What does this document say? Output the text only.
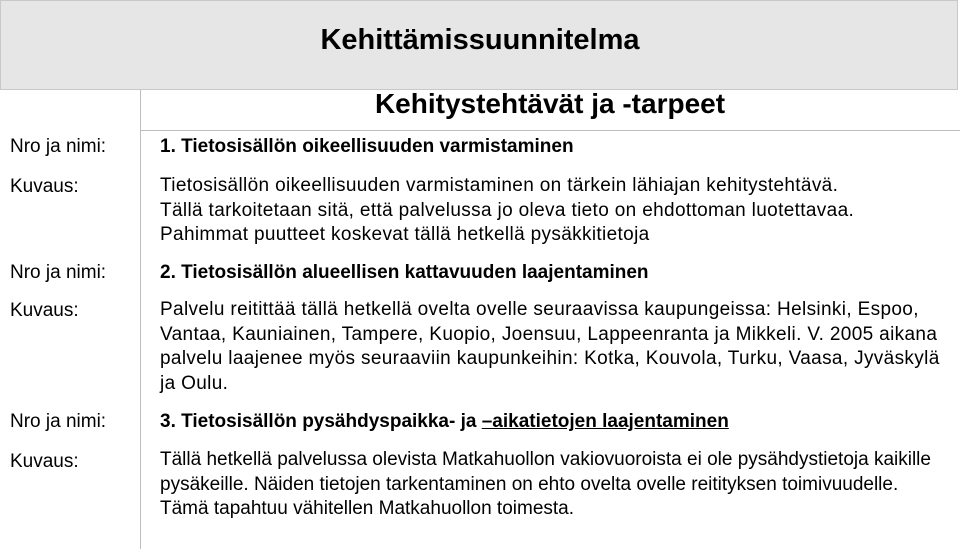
Kehittämissuunnitelma
Kehitystehtävät ja -tarpeet
Nro ja nimi:	1. Tietosisällön oikeellisuuden varmistaminen
Kuvaus:	Tietosisällön oikeellisuuden varmistaminen on tärkein lähiajan kehitystehtävä. Tällä tarkoitetaan sitä, että palvelussa jo oleva tieto on ehdottoman luotettavaa. Pahimmat puutteet koskevat tällä hetkellä pysäkkitietoja
Nro ja nimi:	2. Tietosisällön alueellisen kattavuuden laajentaminen
Kuvaus:	Palvelu reitittää tällä hetkellä ovelta ovelle seuraavissa kaupungeissa: Helsinki, Espoo, Vantaa, Kauniainen, Tampere, Kuopio, Joensuu, Lappeenranta ja Mikkeli. V. 2005 aikana palvelu laajenee myös seuraaviin kaupunkeihin: Kotka, Kouvola, Turku, Vaasa, Jyväskylä ja Oulu.
Nro ja nimi:	3. Tietosisällön pysähdyspaikka- ja –aikatietojen laajentaminen
Kuvaus:	Tällä hetkellä palvelussa olevista Matkahuollon vakiovuoroista ei ole pysähdystietoja kaikille pysäkeille. Näiden tietojen tarkentaminen on ehto ovelta ovelle reitityksen toimivuudelle. Tämä tapahtuu vähitellen Matkahuollon toimesta.
